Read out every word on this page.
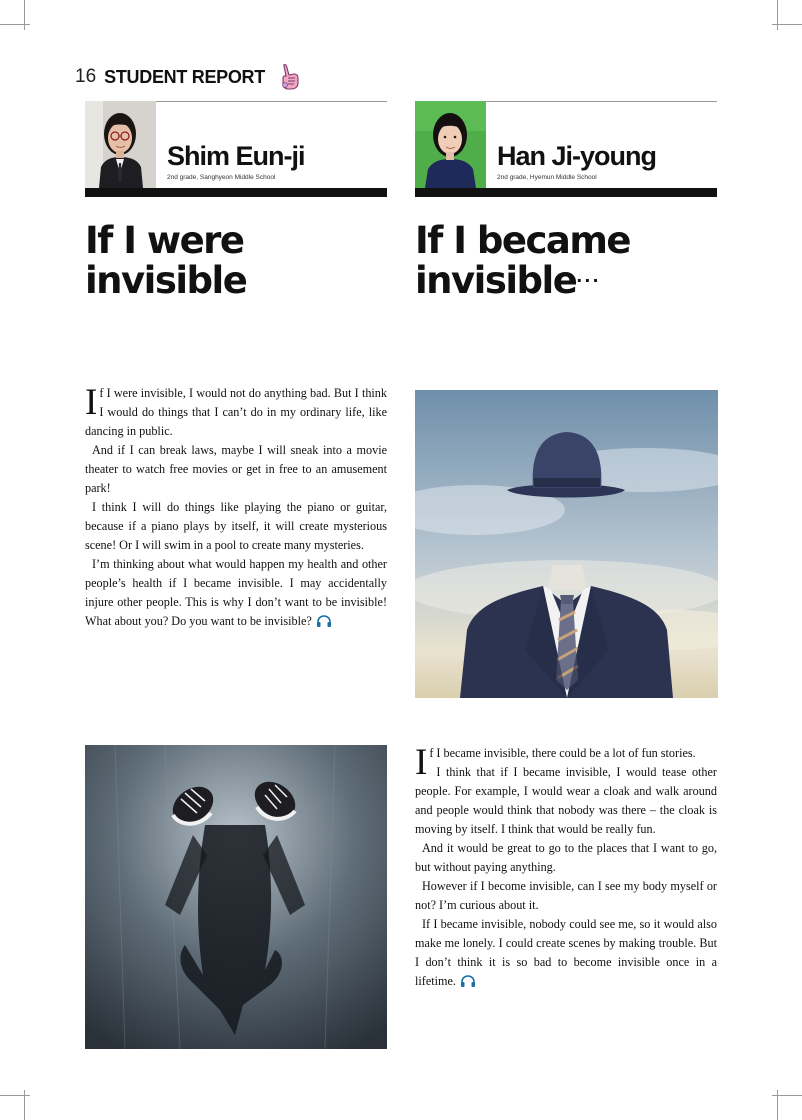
16 STUDENT REPORT
Shim Eun-ji
2nd grade, Sanghyeon Middle School
Han Ji-young
2nd grade, Hyemun Middle School
If I were
invisible
If I became
invisible···

If I were invisible, I would not do anything bad. But I think I would do things that I can’t do in my ordinary life, like dancing in public.

And if I can break laws, maybe I will sneak into a movie theater to watch free movies or get in free to an amusement park!

I think I will do things like playing the piano or guitar, because if a piano plays by itself, it will create mysterious scene! Or I will swim in a pool to create many mysteries.

I’m thinking about what would happen my health and other people’s health if I became invisible. I may accidentally injure other people. This is why I don’t want to be invisible! What about you? Do you want to be invisible?

If I became invisible, there could be a lot of fun stories.

I think that if I became invisible, I would tease other people. For example, I would wear a cloak and walk around and people would think that nobody was there – the cloak is moving by itself. I think that would be really fun.

And it would be great to go to the places that I want to go, but without paying anything.

However if I become invisible, can I see my body myself or not? I’m curious about it.

If I became invisible, nobody could see me, so it would also make me lonely. I could create scenes by making trouble. But I don’t think it is so bad to become invisible once in a lifetime.
